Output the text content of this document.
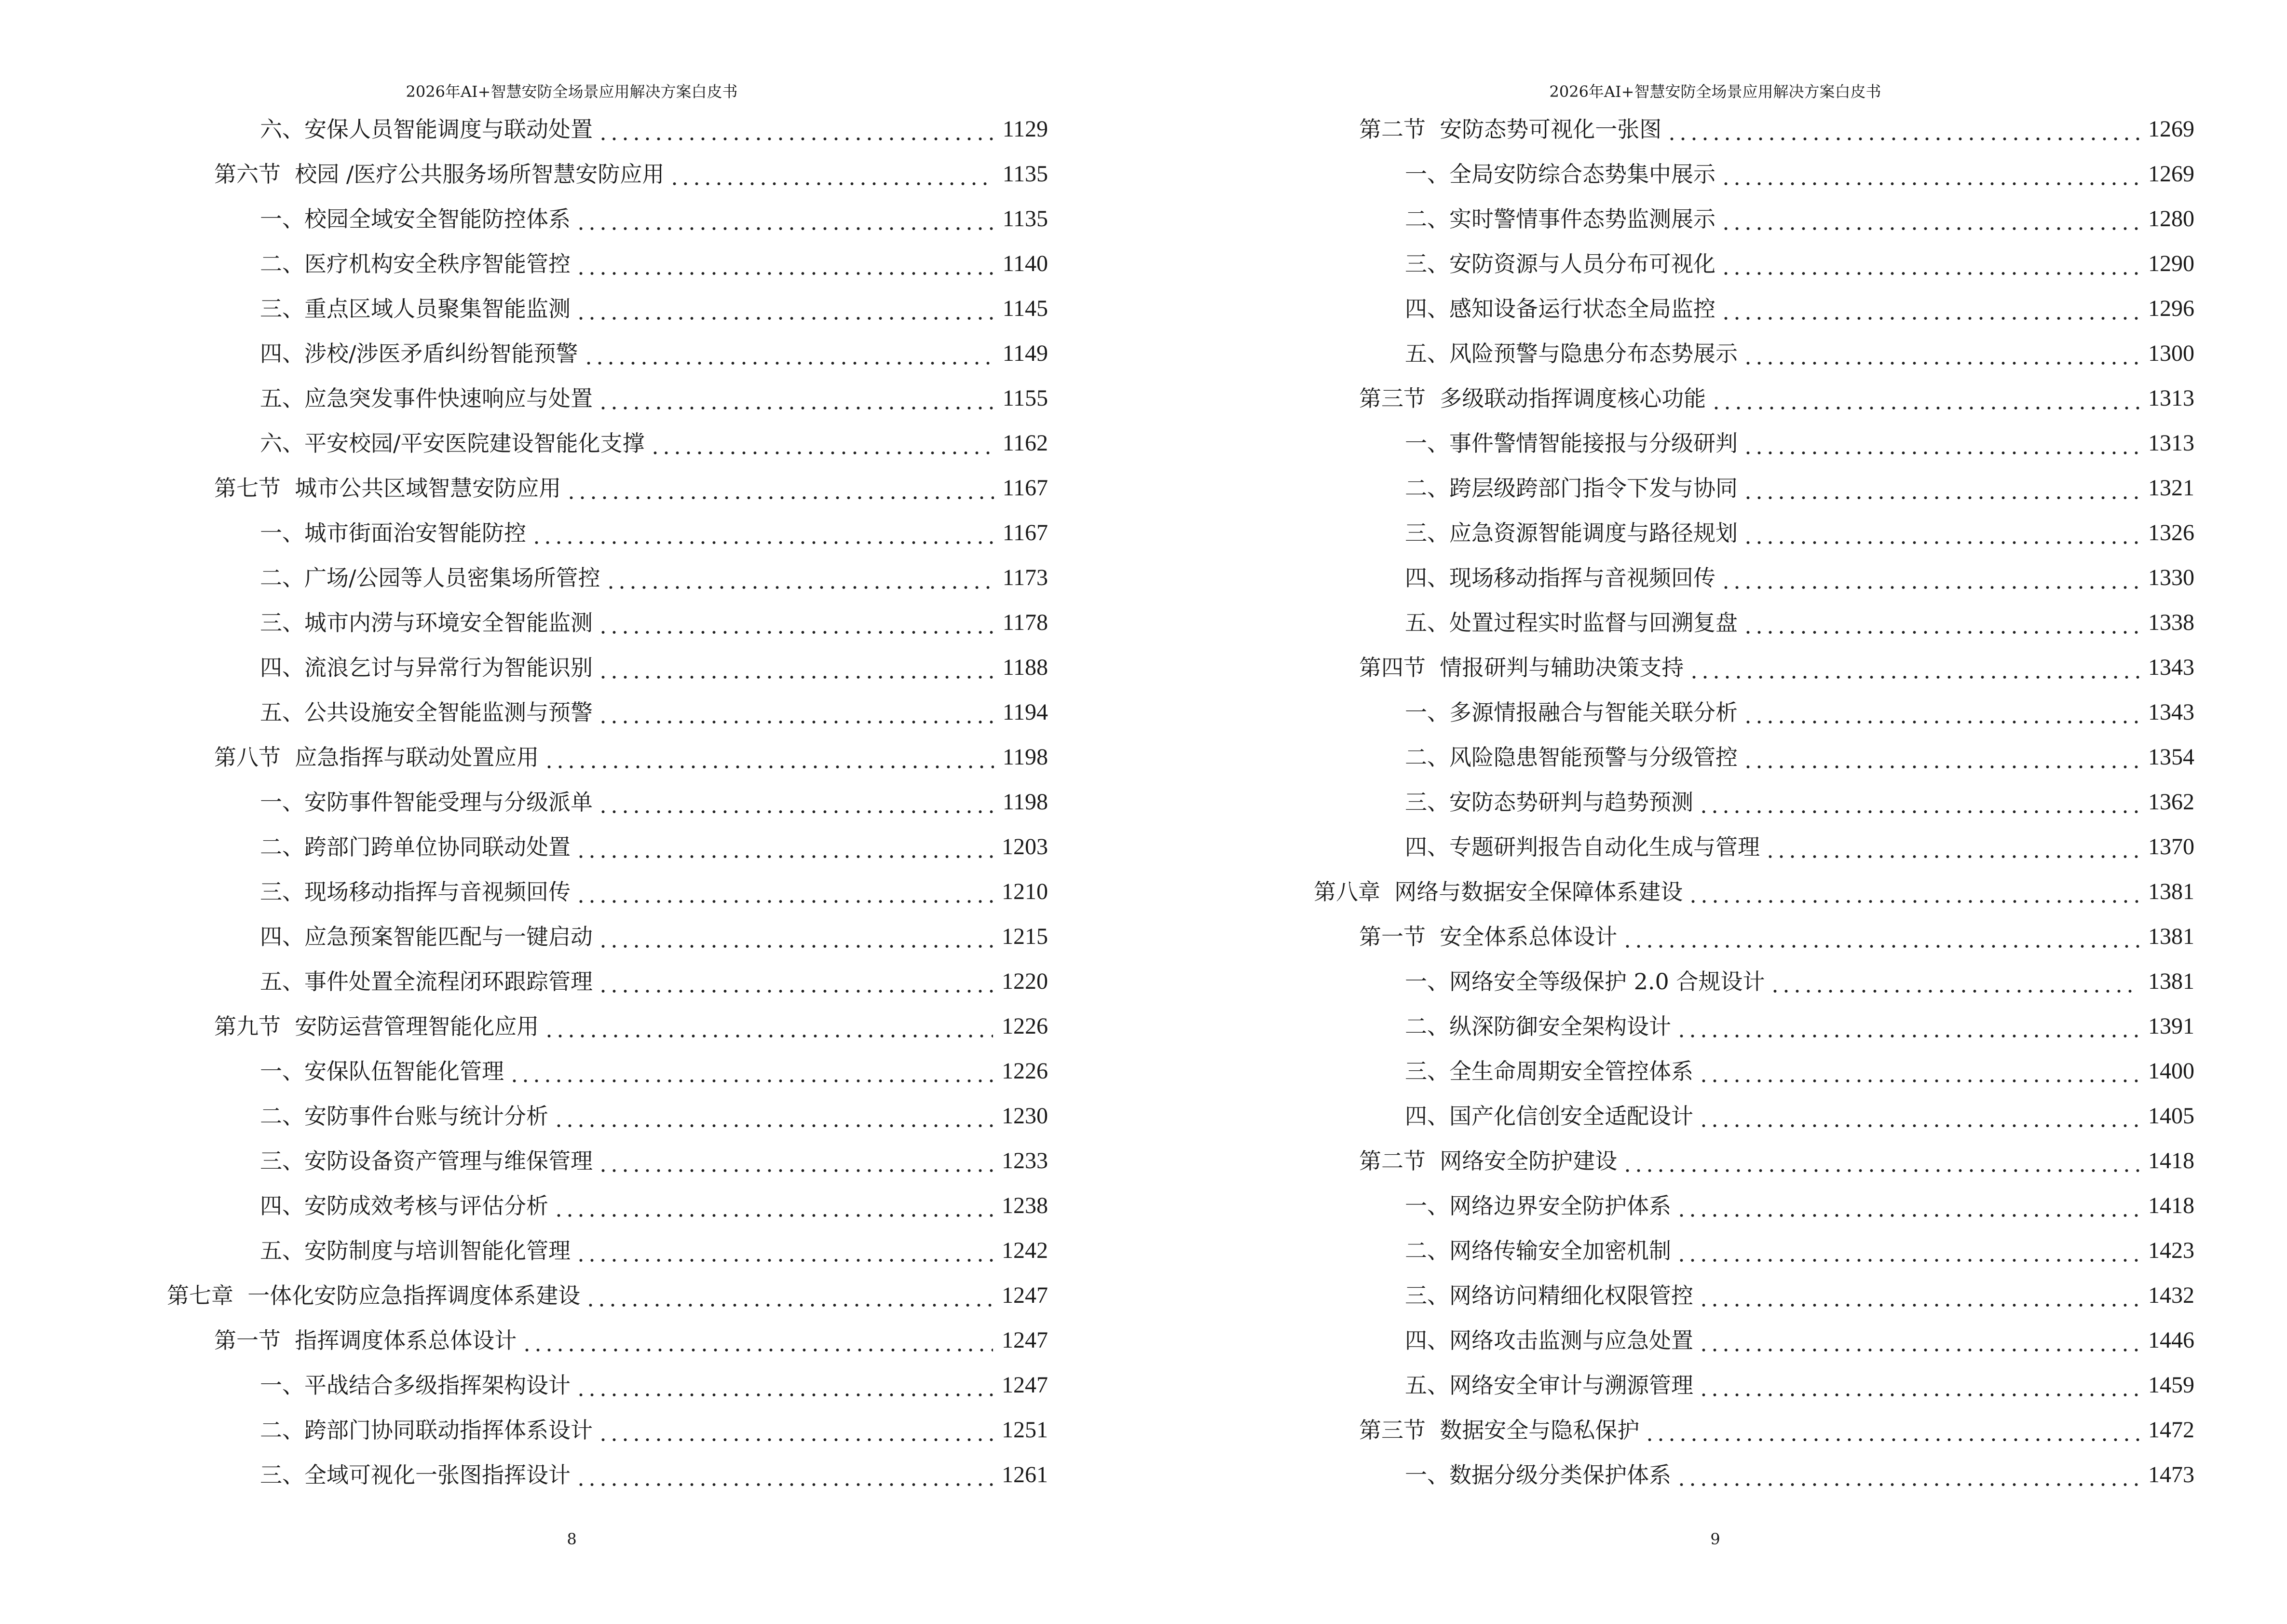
2026年AI+智慧安防全场景应用解决方案白皮书
六、安保人员智能调度与联动处置	1129
第六节  校园 /医疗公共服务场所智慧安防应用	1135
一、校园全域安全智能防控体系	1135
二、医疗机构安全秩序智能管控	1140
三、重点区域人员聚集智能监测	1145
四、涉校/涉医矛盾纠纷智能预警	1149
五、应急突发事件快速响应与处置	1155
六、平安校园/平安医院建设智能化支撑	1162
第七节  城市公共区域智慧安防应用	1167
一、城市街面治安智能防控	1167
二、广场/公园等人员密集场所管控	1173
三、城市内涝与环境安全智能监测	1178
四、流浪乞讨与异常行为智能识别	1188
五、公共设施安全智能监测与预警	1194
第八节  应急指挥与联动处置应用	1198
一、安防事件智能受理与分级派单	1198
二、跨部门跨单位协同联动处置	1203
三、现场移动指挥与音视频回传	1210
四、应急预案智能匹配与一键启动	1215
五、事件处置全流程闭环跟踪管理	1220
第九节  安防运营管理智能化应用	1226
一、安保队伍智能化管理	1226
二、安防事件台账与统计分析	1230
三、安防设备资产管理与维保管理	1233
四、安防成效考核与评估分析	1238
五、安防制度与培训智能化管理	1242
第七章  一体化安防应急指挥调度体系建设	1247
第一节  指挥调度体系总体设计	1247
一、平战结合多级指挥架构设计	1247
二、跨部门协同联动指挥体系设计	1251
三、全域可视化一张图指挥设计	1261
8
2026年AI+智慧安防全场景应用解决方案白皮书
第二节  安防态势可视化一张图	1269
一、全局安防综合态势集中展示	1269
二、实时警情事件态势监测展示	1280
三、安防资源与人员分布可视化	1290
四、感知设备运行状态全局监控	1296
五、风险预警与隐患分布态势展示	1300
第三节  多级联动指挥调度核心功能	1313
一、事件警情智能接报与分级研判	1313
二、跨层级跨部门指令下发与协同	1321
三、应急资源智能调度与路径规划	1326
四、现场移动指挥与音视频回传	1330
五、处置过程实时监督与回溯复盘	1338
第四节  情报研判与辅助决策支持	1343
一、多源情报融合与智能关联分析	1343
二、风险隐患智能预警与分级管控	1354
三、安防态势研判与趋势预测	1362
四、专题研判报告自动化生成与管理	1370
第八章  网络与数据安全保障体系建设	1381
第一节  安全体系总体设计	1381
一、网络安全等级保护 2.0 合规设计	1381
二、纵深防御安全架构设计	1391
三、全生命周期安全管控体系	1400
四、国产化信创安全适配设计	1405
第二节  网络安全防护建设	1418
一、网络边界安全防护体系	1418
二、网络传输安全加密机制	1423
三、网络访问精细化权限管控	1432
四、网络攻击监测与应急处置	1446
五、网络安全审计与溯源管理	1459
第三节  数据安全与隐私保护	1472
一、数据分级分类保护体系	1473
9
